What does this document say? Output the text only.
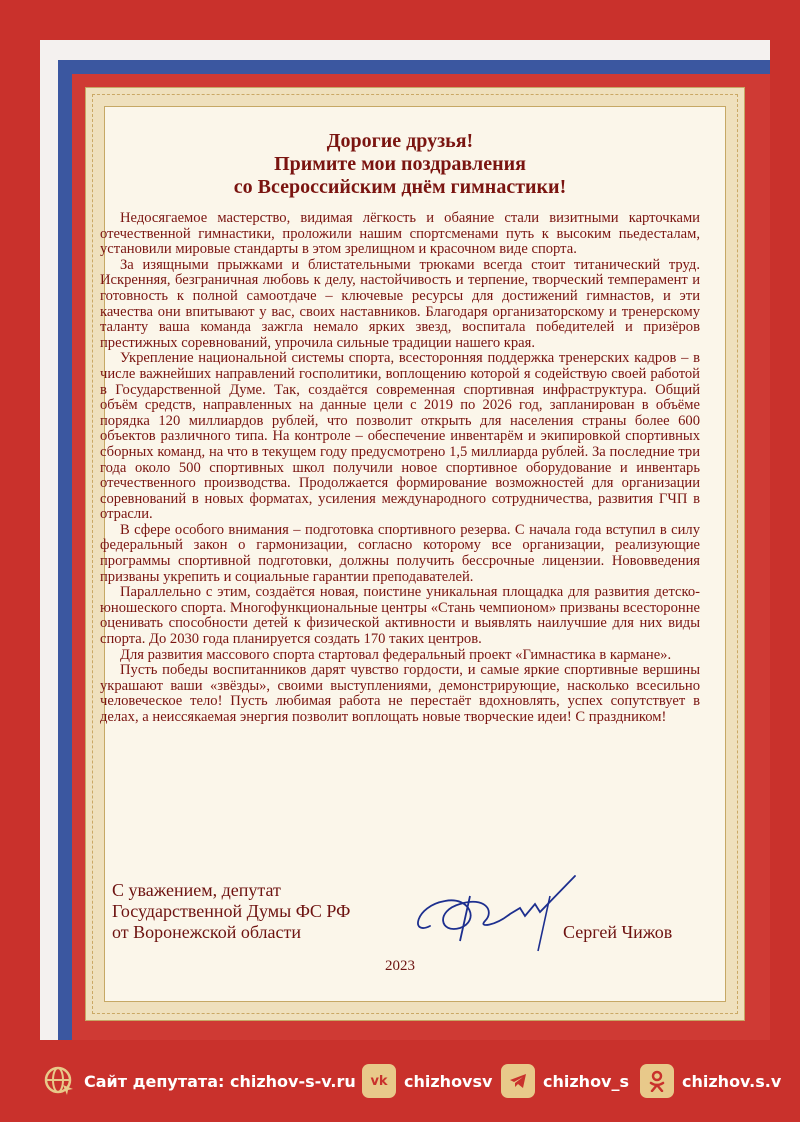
Дорогие друзья!
Примите мои поздравления
со Всероссийским днём гимнастики!

Недосягаемое мастерство, видимая лёгкость и обаяние стали визитными карточками отечественной гимнастики, проложили нашим спортсменами путь к высоким пьедесталам, установили мировые стандарты в этом зрелищном и красочном виде спорта.

За изящными прыжками и блистательными трюками всегда стоит титанический труд. Искренняя, безграничная любовь к делу, настойчивость и терпение, творческий темперамент и готовность к полной самоотдаче – ключевые ресурсы для достижений гимнастов, и эти качества они впитывают у вас, своих наставников. Благодаря организаторскому и тренерскому таланту ваша команда зажгла немало ярких звезд, воспитала победителей и призёров престижных соревнований, упрочила сильные традиции нашего края.

Укрепление национальной системы спорта, всесторонняя поддержка тренерских кадров – в числе важнейших направлений госполитики, воплощению которой я содействую своей работой в Государственной Думе. Так, создаётся современная спортивная инфраструктура. Общий объём средств, направленных на данные цели с 2019 по 2026 год, запланирован в объёме порядка 120 миллиардов рублей, что позволит открыть для населения страны более 600 объектов различного типа. На контроле – обеспечение инвентарём и экипировкой спортивных сборных команд, на что в текущем году предусмотрено 1,5 миллиарда рублей. За последние три года около 500 спортивных школ получили новое спортивное оборудование и инвентарь отечественного производства. Продолжается формирование возможностей для организации соревнований в новых форматах, усиления международного сотрудничества, развития ГЧП в отрасли.

В сфере особого внимания – подготовка спортивного резерва. С начала года вступил в силу федеральный закон о гармонизации, согласно которому все организации, реализующие программы спортивной подготовки, должны получить бессрочные лицензии. Нововведения призваны укрепить и социальные гарантии преподавателей.

Параллельно с этим, создаётся новая, поистине уникальная площадка для развития детско-юношеского спорта. Многофункциональные центры «Стань чемпионом» призваны всесторонне оценивать способности детей к физической активности и выявлять наилучшие для них виды спорта. До 2030 года планируется создать 170 таких центров.

Для развития массового спорта стартовал федеральный проект «Гимнастика в кармане».

Пусть победы воспитанников дарят чувство гордости, и самые яркие спортивные вершины украшают ваши «звёзды», своими выступлениями, демонстрирующие, насколько всесильно человеческое тело! Пусть любимая работа не перестаёт вдохновлять, успех сопутствует в делах, а неиссякаемая энергия позволит воплощать новые творческие идеи! С праздником!

С уважением, депутат
Государственной Думы ФС РФ
от Воронежской области	Сергей Чижов
2023
Сайт депутата: chizhov-s-v.ru	vk	chizhovsv	chizhov_s	chizhov.s.v
